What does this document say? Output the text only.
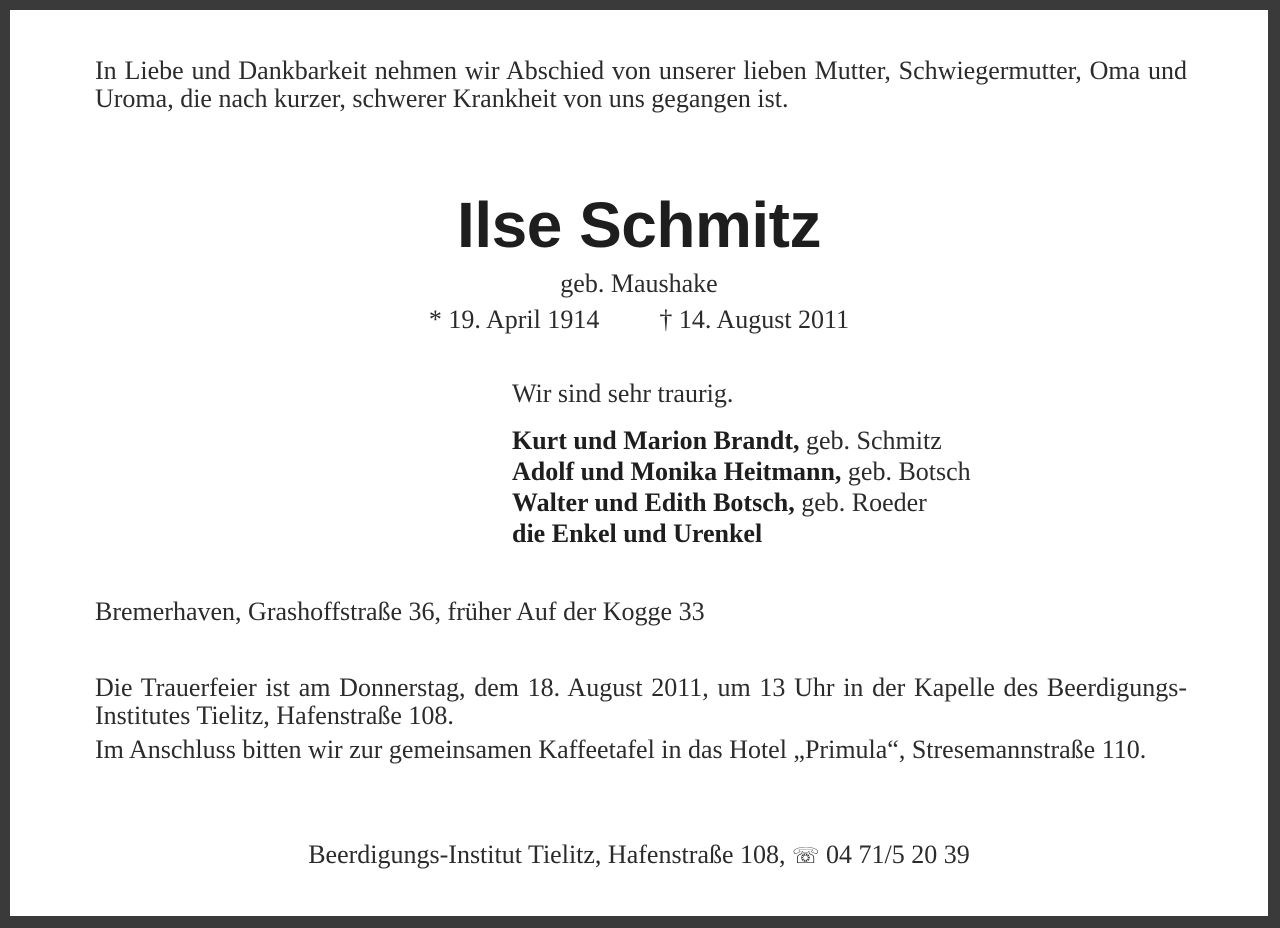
In Liebe und Dankbarkeit nehmen wir Abschied von unserer lieben Mutter, Schwiegermutter, Oma und Uroma, die nach kurzer, schwerer Krankheit von uns gegangen ist.
Ilse Schmitz
geb. Maushake
* 19. April 1914 † 14. August 2011
Wir sind sehr traurig.
Kurt und Marion Brandt, geb. Schmitz
Adolf und Monika Heitmann, geb. Botsch
Walter und Edith Botsch, geb. Roeder
die Enkel und Urenkel
Bremerhaven, Grashoffstraße 36, früher Auf der Kogge 33

Die Trauerfeier ist am Donnerstag, dem 18. August 2011, um 13 Uhr in der Kapelle des Beerdigungs-Institutes Tielitz, Hafenstraße 108.

Im Anschluss bitten wir zur gemeinsamen Kaffeetafel in das Hotel „Primula“, Stresemannstraße 110.

Beerdigungs-Institut Tielitz, Hafenstraße 108, ☏ 04 71/5 20 39
